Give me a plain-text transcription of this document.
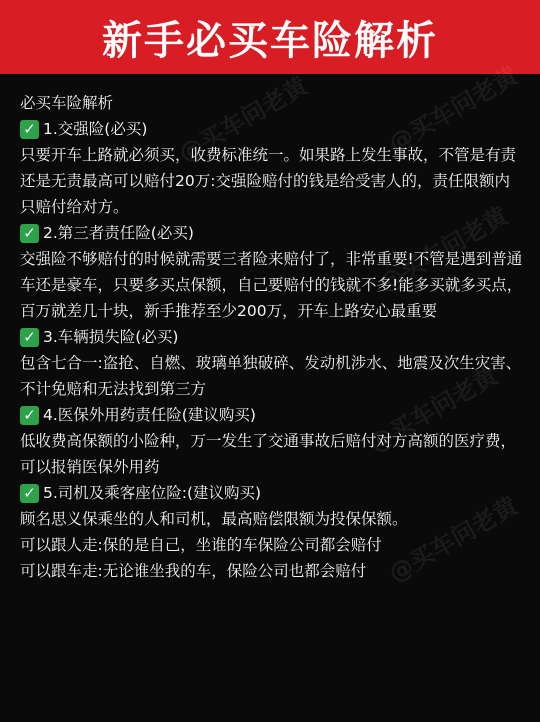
新手必买车险解析
@买车问老黄	@买车问老黄
@买车问老黄
@买车问老黄
@买车问老黄

必买车险解析

✓ 1.交强险(必买)

只要开车上路就必须买，收费标准统一。如果路上发生事故，不管是有责还是无责最高可以赔付20万:交强险赔付的钱是给受害人的，责任限额内只赔付给对方。

✓ 2.第三者责任险(必买)

交强险不够赔付的时候就需要三者险来赔付了，非常重要!不管是遇到普通车还是豪车，只要多买点保额，自己要赔付的钱就不多!能多买就多买点，百万就差几十块，新手推荐至少200万，开车上路安心最重要

✓ 3.车辆损失险(必买)

包含七合一:盗抢、自燃、玻璃单独破碎、发动机涉水、地震及次生灾害、不计免赔和无法找到第三方

✓ 4.医保外用药责任险(建议购买)

低收费高保额的小险种，万一发生了交通事故后赔付对方高额的医疗费，可以报销医保外用药

✓ 5.司机及乘客座位险:(建议购买)

顾名思义保乘坐的人和司机，最高赔偿限额为投保保额。

可以跟人走:保的是自己，坐谁的车保险公司都会赔付

可以跟车走:无论谁坐我的车，保险公司也都会赔付
